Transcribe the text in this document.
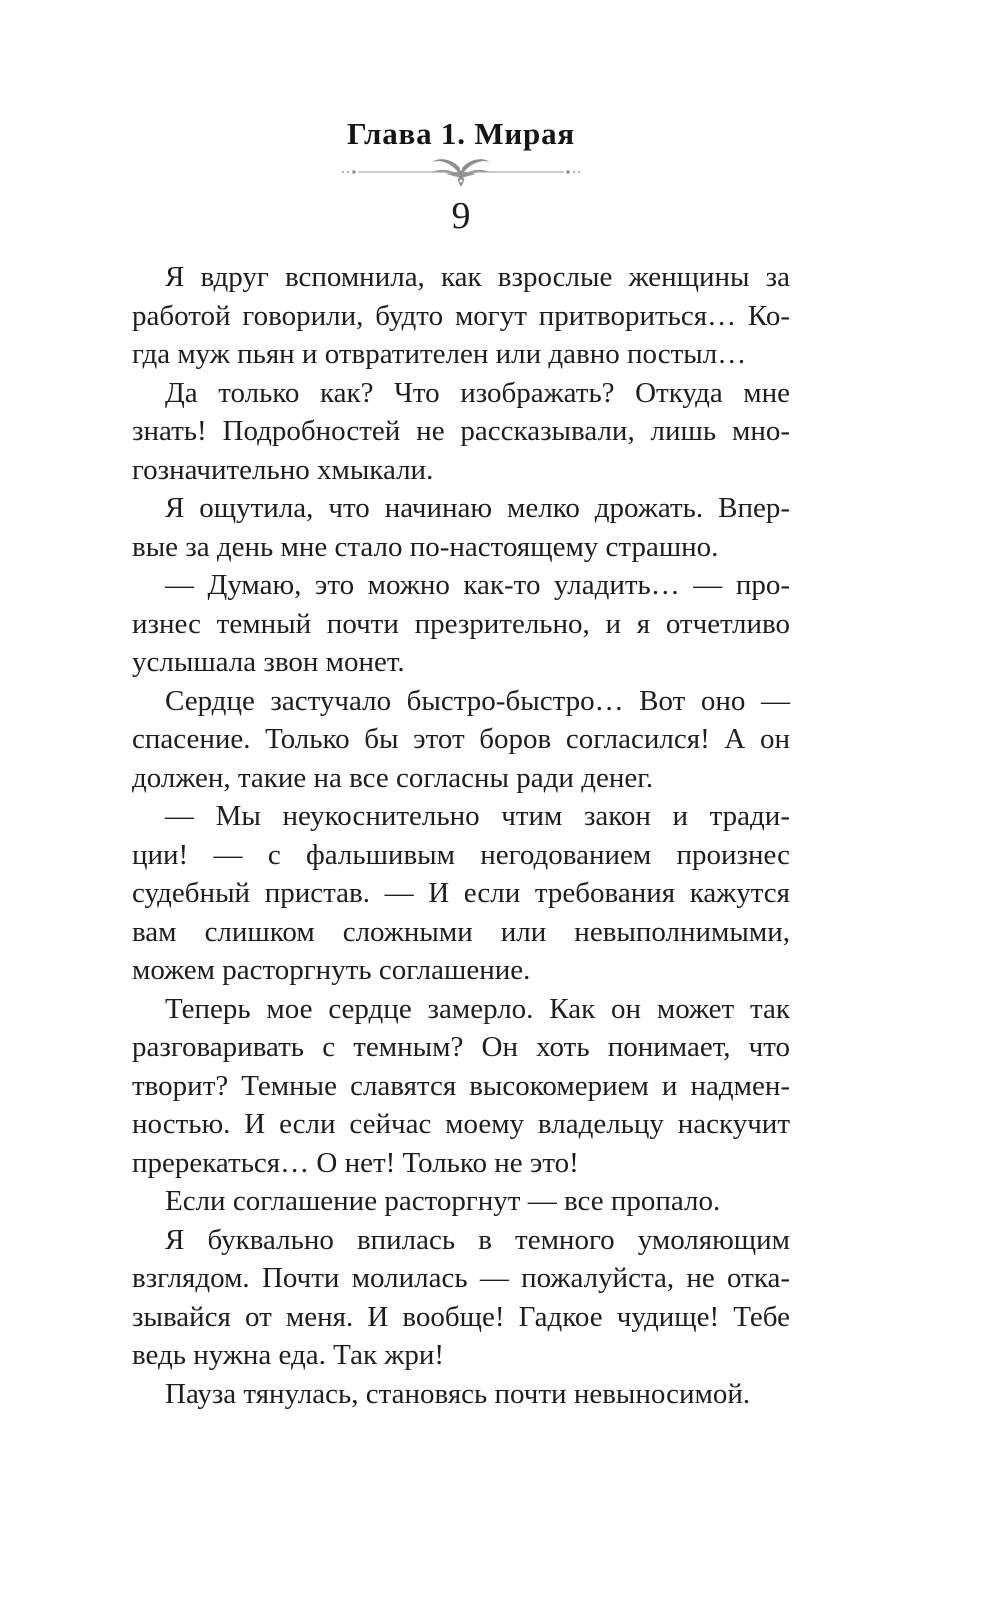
Глава 1. Мирая
9
Я вдруг вспомнила, как взрослые женщины за
работой говорили, будто могут притвориться… Ко-
гда муж пьян и отвратителен или давно постыл…
Да только как? Что изображать? Откуда мне
знать! Подробностей не рассказывали, лишь мно-
гозначительно хмыкали.
Я ощутила, что начинаю мелко дрожать. Впер-
вые за день мне стало по-настоящему страшно.
— Думаю, это можно как-то уладить… — про-
изнес темный почти презрительно, и я отчетливо
услышала звон монет.
Сердце застучало быстро-быстро… Вот оно —
спасение. Только бы этот боров согласился! А он
должен, такие на все согласны ради денег.
— Мы неукоснительно чтим закон и тради-
ции! — с фальшивым негодованием произнес
судебный пристав. — И если требования кажутся
вам слишком сложными или невыполнимыми,
можем расторгнуть соглашение.
Теперь мое сердце замерло. Как он может так
разговаривать с темным? Он хоть понимает, что
творит? Темные славятся высокомерием и надмен-
ностью. И если сейчас моему владельцу наскучит
пререкаться… О нет! Только не это!
Если соглашение расторгнут — все пропало.
Я буквально впилась в темного умоляющим
взглядом. Почти молилась — пожалуйста, не отка-
зывайся от меня. И вообще! Гадкое чудище! Тебе
ведь нужна еда. Так жри!
Пауза тянулась, становясь почти невыносимой.
